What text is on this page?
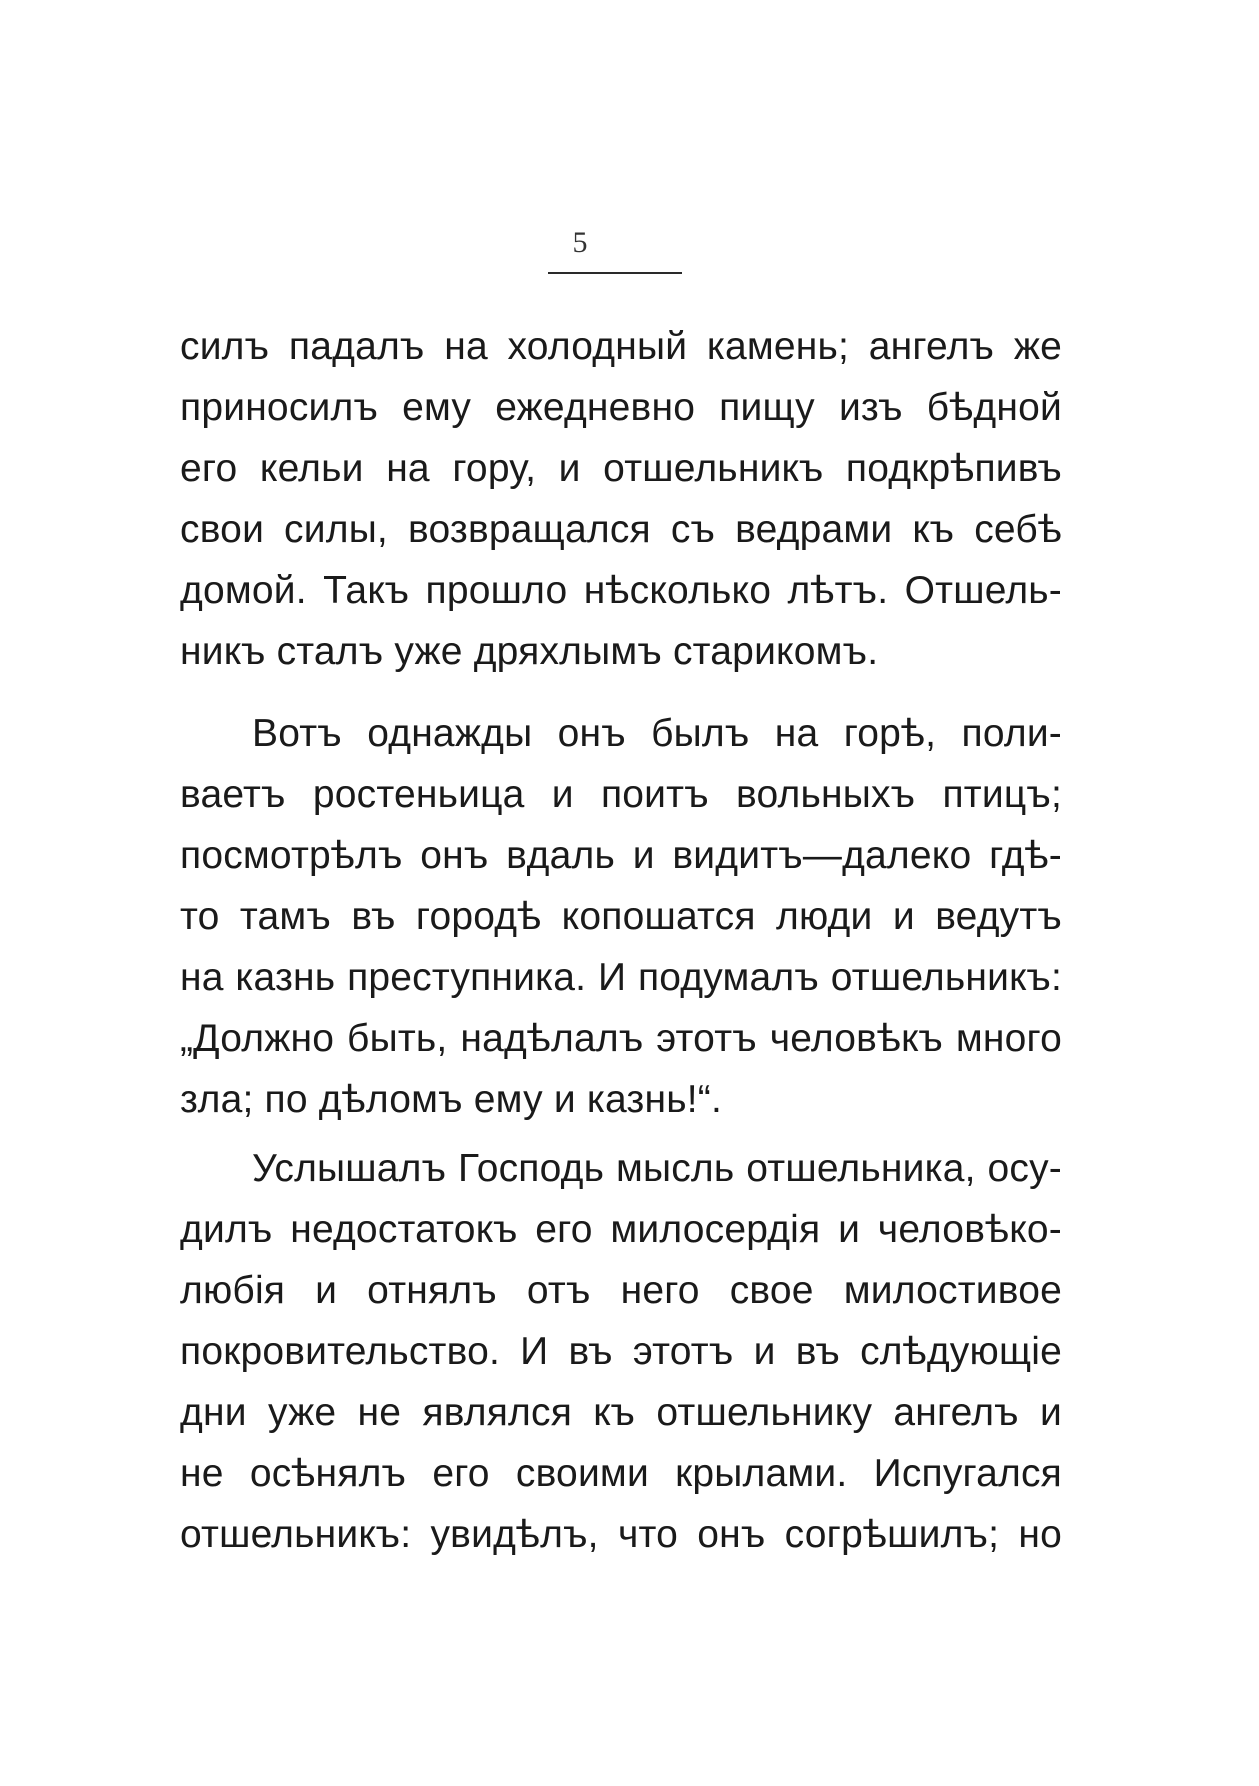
5
силъ падалъ на холодный камень; ангелъ же
приносилъ ему ежедневно пищу изъ бѣдной
его кельи на гору, и отшельникъ подкрѣпивъ
свои силы, возвращался съ ведрами къ себѣ
домой. Такъ прошло нѣсколько лѣтъ. Отшель-
никъ сталъ уже дряхлымъ старикомъ.
Вотъ однажды онъ былъ на горѣ, поли-
ваетъ ростеньица и поитъ вольныхъ птицъ;
посмотрѣлъ онъ вдаль и видитъ—далеко гдѣ-
то тамъ въ городѣ копошатся люди и ведутъ
на казнь преступника. И подумалъ отшельникъ:
„Должно быть, надѣлалъ этотъ человѣкъ много
зла; по дѣломъ ему и казнь!“.
Услышалъ Господь мысль отшельника, осу-
дилъ недостатокъ его милосердія и человѣко-
любія и отнялъ отъ него свое милостивое
покровительство. И въ этотъ и въ слѣдующіе
дни уже не являлся къ отшельнику ангелъ и
не осѣнялъ его своими крылами. Испугался
отшельникъ: увидѣлъ, что онъ согрѣшилъ; но
